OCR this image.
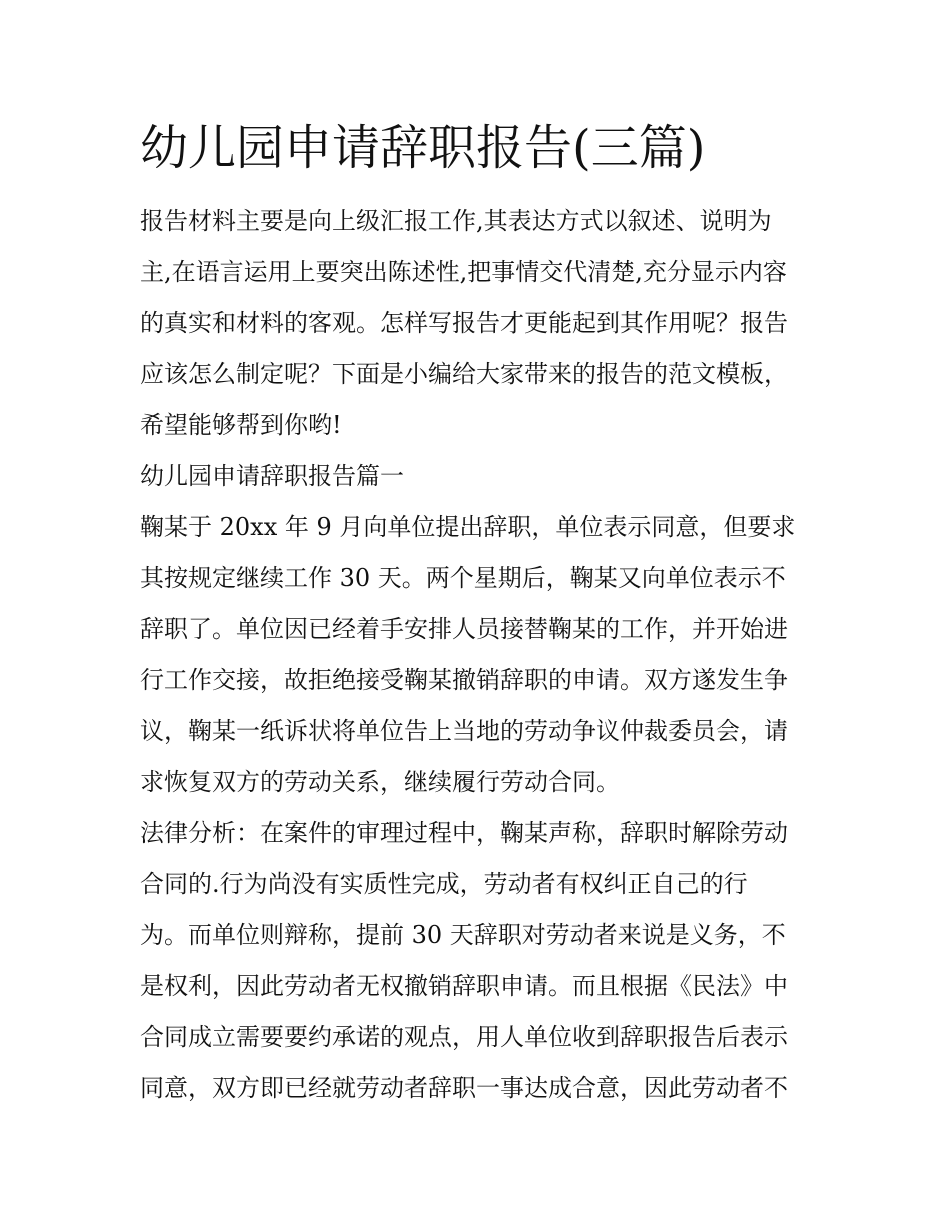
幼儿园申请辞职报告(三篇)
报告材料主要是向上级汇报工作,其表达方式以叙述、说明为
主,在语言运用上要突出陈述性,把事情交代清楚,充分显示内容
的真实和材料的客观。怎样写报告才更能起到其作用呢？报告
应该怎么制定呢？下面是小编给大家带来的报告的范文模板，
希望能够帮到你哟!
幼儿园申请辞职报告篇一
鞠某于 20xx 年 9 月向单位提出辞职，单位表示同意，但要求
其按规定继续工作 30 天。两个星期后，鞠某又向单位表示不
辞职了。单位因已经着手安排人员接替鞠某的工作，并开始进
行工作交接，故拒绝接受鞠某撤销辞职的申请。双方遂发生争
议，鞠某一纸诉状将单位告上当地的劳动争议仲裁委员会，请
求恢复双方的劳动关系，继续履行劳动合同。
法律分析：在案件的审理过程中，鞠某声称，辞职时解除劳动
合同的.行为尚没有实质性完成，劳动者有权纠正自己的行
为。而单位则辩称，提前 30 天辞职对劳动者来说是义务，不
是权利，因此劳动者无权撤销辞职申请。而且根据《民法》中
合同成立需要要约承诺的观点，用人单位收到辞职报告后表示
同意，双方即已经就劳动者辞职一事达成合意，因此劳动者不
